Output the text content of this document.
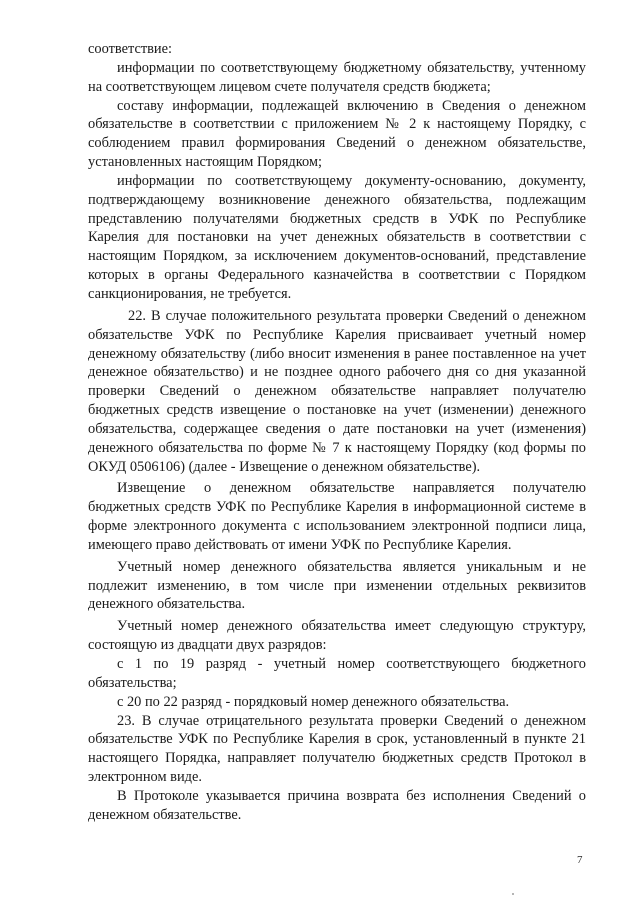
соответствие:

информации по соответствующему бюджетному обязательству, учтенному на соответствующем лицевом счете получателя средств бюджета;

составу информации, подлежащей включению в Сведения о денежном обязательстве в соответствии с приложением № 2 к настоящему Порядку, с соблюдением правил формирования Сведений о денежном обязательстве, установленных настоящим Порядком;

информации по соответствующему документу-основанию, документу, подтверждающему возникновение денежного обязательства, подлежащим представлению получателями бюджетных средств в УФК по Республике Карелия для постановки на учет денежных обязательств в соответствии с настоящим Порядком, за исключением документов-оснований, представление которых в органы Федерального казначейства в соответствии с Порядком санкционирования, не требуется.

22. В случае положительного результата проверки Сведений о денежном обязательстве УФК по Республике Карелия присваивает учетный номер денежному обязательству (либо вносит изменения в ранее поставленное на учет денежное обязательство) и не позднее одного рабочего дня со дня указанной проверки Сведений о денежном обязательстве направляет получателю бюджетных средств извещение о постановке на учет (изменении) денежного обязательства, содержащее сведения о дате постановки на учет (изменения) денежного обязательства по форме № 7 к настоящему Порядку (код формы по ОКУД 0506106) (далее - Извещение о денежном обязательстве).

Извещение о денежном обязательстве направляется получателю бюджетных средств УФК по Республике Карелия в информационной системе в форме электронного документа с использованием электронной подписи лица, имеющего право действовать от имени УФК по Республике Карелия.

Учетный номер денежного обязательства является уникальным и не подлежит изменению, в том числе при изменении отдельных реквизитов денежного обязательства.

Учетный номер денежного обязательства имеет следующую структуру, состоящую из двадцати двух разрядов:

с 1 по 19 разряд - учетный номер соответствующего бюджетного обязательства;

с 20 по 22 разряд - порядковый номер денежного обязательства.

23. В случае отрицательного результата проверки Сведений о денежном обязательстве УФК по Республике Карелия в срок, установленный в пункте 21 настоящего Порядка, направляет получателю бюджетных средств Протокол в электронном виде.

В Протоколе указывается причина возврата без исполнения Сведений о денежном обязательстве.

7
